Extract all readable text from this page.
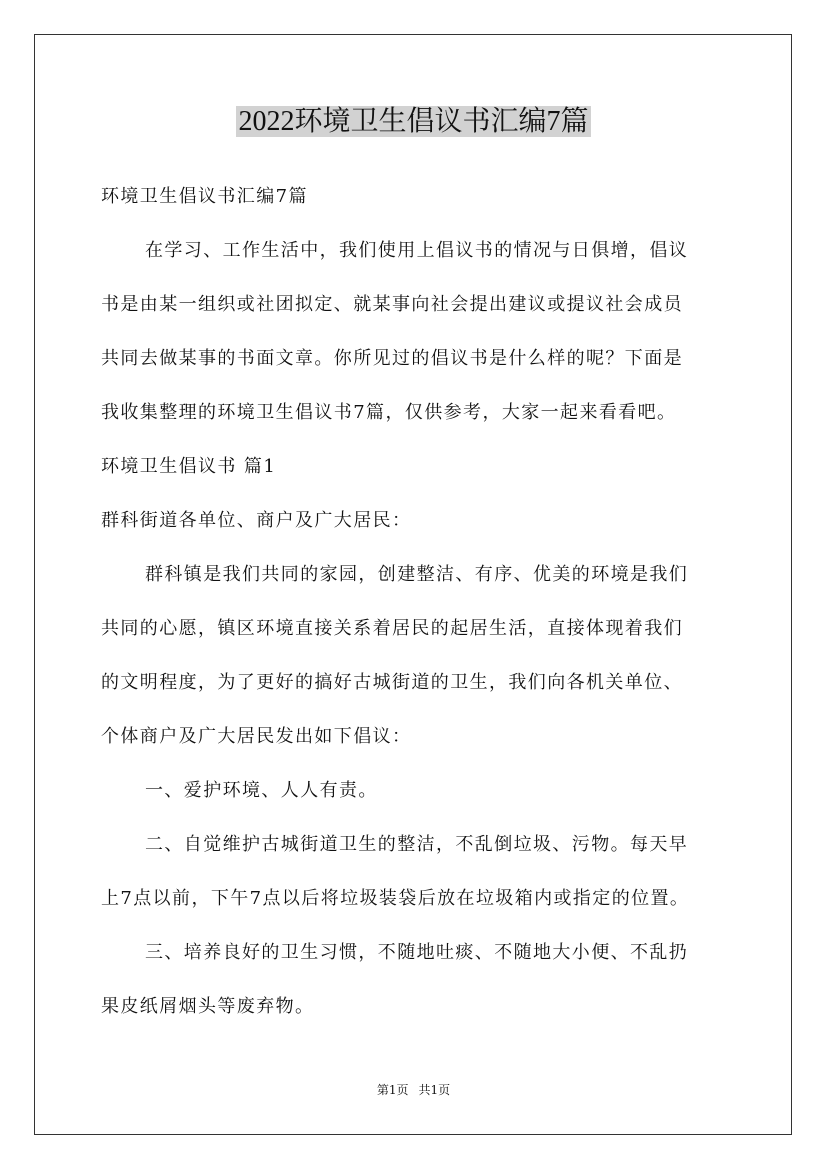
2022环境卫生倡议书汇编7篇
环境卫生倡议书汇编7篇
在学习、工作生活中，我们使用上倡议书的情况与日俱增，倡议
书是由某一组织或社团拟定、就某事向社会提出建议或提议社会成员
共同去做某事的书面文章。你所见过的倡议书是什么样的呢？下面是
我收集整理的环境卫生倡议书7篇，仅供参考，大家一起来看看吧。
环境卫生倡议书 篇1
群科街道各单位、商户及广大居民：
群科镇是我们共同的家园，创建整洁、有序、优美的环境是我们
共同的心愿，镇区环境直接关系着居民的起居生活，直接体现着我们
的文明程度，为了更好的搞好古城街道的卫生，我们向各机关单位、
个体商户及广大居民发出如下倡议：
一、爱护环境、人人有责。
二、自觉维护古城街道卫生的整洁，不乱倒垃圾、污物。每天早
上7点以前，下午7点以后将垃圾装袋后放在垃圾箱内或指定的位置。
三、培养良好的卫生习惯，不随地吐痰、不随地大小便、不乱扔
果皮纸屑烟头等废弃物。
第1页 共1页
